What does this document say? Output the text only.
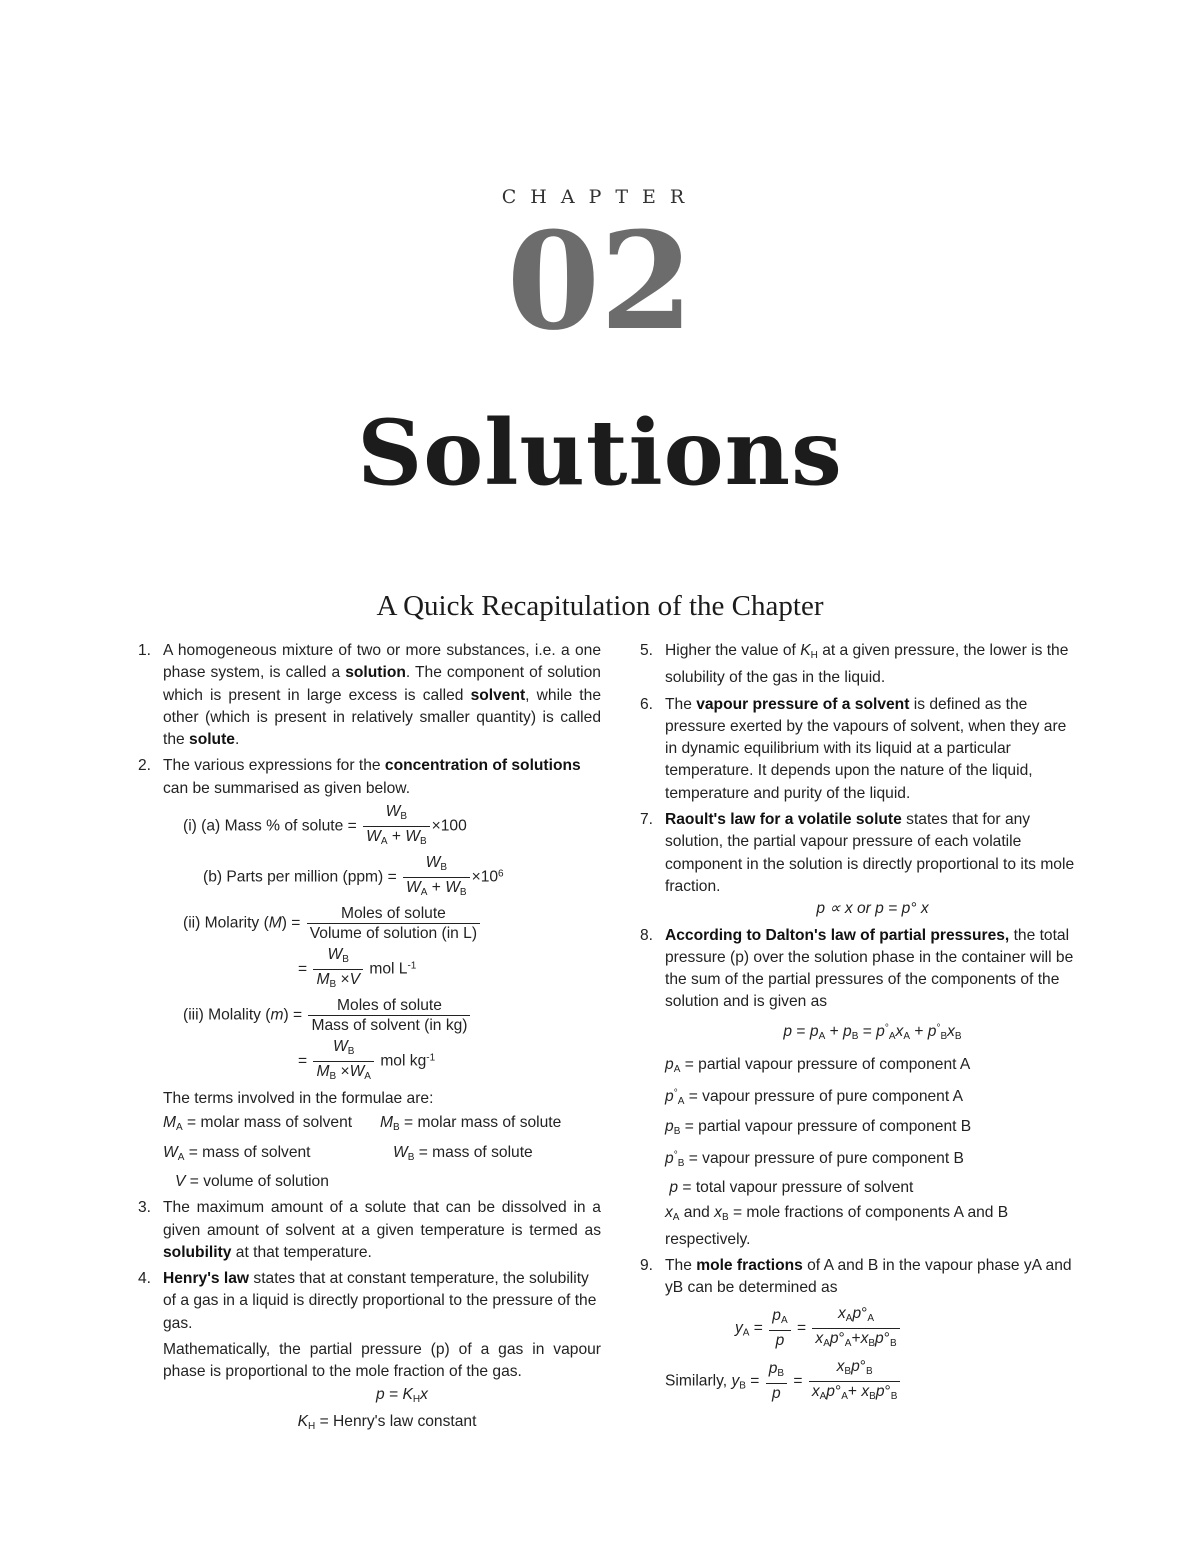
CHAPTER
02
Solutions
A Quick Recapitulation of the Chapter
1. A homogeneous mixture of two or more substances, i.e. a one phase system, is called a solution. The component of solution which is present in large excess is called solvent, while the other (which is present in relatively smaller quantity) is called the solute.
2. The various expressions for the concentration of solutions can be summarised as given below.
(i) (a) Mass % of solute = $\frac{W_B}{W_A + W_B} \times 100$
(b) Parts per million $(ppm) = \frac{W_B}{W_A + W_B} \times 10^6$
(ii) Molarity $(M) = \frac{\text{Moles of solute}}{\text{Volume of solution (in L)}}$
= $\frac{W_B}{M_B \times V}$ mol $L^{-1}$
(iii) Molality $(m) = \frac{\text{Moles of solute}}{\text{Mass of solvent (in kg)}}$
= $\frac{W_B}{M_B \times W_A}$ mol $kg^{-1}$
The terms involved in the formulae are:
$M_A$ = molar mass of solvent $M_B$ = molar mass of solute
$W_A$ = mass of solvent	$W_B$ = mass of solute
V = volume of solution
3. The maximum amount of a solute that can be dissolved in a given amount of solvent at a given temperature is termed as solubility at that temperature.
4. Henry's law states that at constant temperature, the solubility of a gas in a liquid is directly proportional to the pressure of the gas.
Mathematically, the partial pressure (p) of a gas in vapour phase is proportional to the mole fraction of the gas.
$p = K_Hx$
$K_H$ = Henry's law constant
5. Higher the value of $K_H$ at a given pressure, the lower is the solubility of the gas in the liquid.
6. The vapour pressure of a solvent is defined as the pressure exerted by the vapours of solvent, when they are in dynamic equilibrium with its liquid at a particular temperature. It depends upon the nature of the liquid, temperature and purity of the liquid.
7. Raoult's law for a volatile solute states that for any solution, the partial vapour pressure of each volatile component in the solution is directly proportional to its mole fraction.
p ∝ x or p = p° x
8. According to Dalton's law of partial pressures, the total pressure (p) over the solution phase in the container will be the sum of the partial pressures of the components of the solution and is given as
$p = p_A + p_B = p^\circ_Ax_A + p^\circ_Bx_B$

$p_A$ = partial vapour pressure of component A

$p^\circ_A$ = vapour pressure of pure component A

$p_B$ = partial vapour pressure of component B

$p^\circ_B$ = vapour pressure of pure component B

p = total vapour pressure of solvent

$x_A$ and $x_B$ = mole fractions of components A and B respectively.

9. The mole fractions of A and B in the vapour phase yA and yB can be determined as
$y_A = \frac{p_A}{p} = \frac{x_Ap^\circ_A}{x_Ap^\circ_A+x_Bp^\circ_B}$
Similarly, $y_B = \frac{p_B}{p} = \frac{x_Bp^\circ_B}{x_Ap^\circ_A+ x_Bp^\circ_B}$
